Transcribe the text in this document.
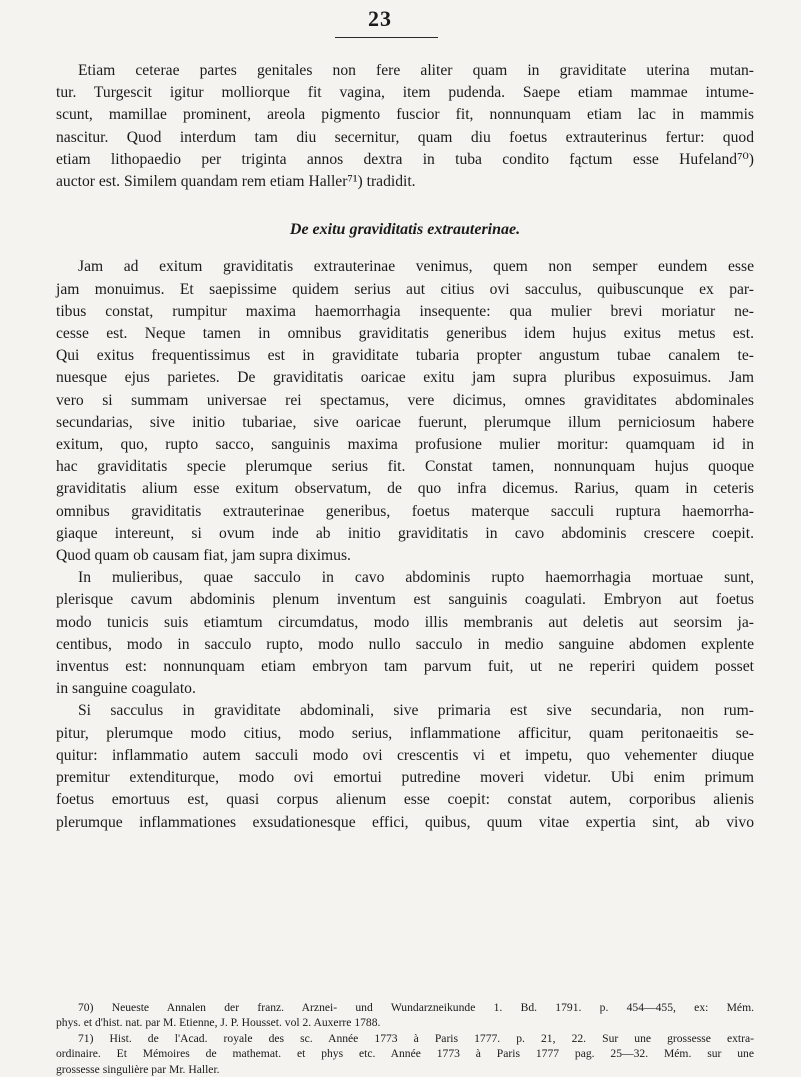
23

Etiam ceterae partes genitales non fere aliter quam in graviditate uterina mutan-
tur. Turgescit igitur molliorque fit vagina, item pudenda. Saepe etiam mammae intume-
scunt, mamillae prominent, areola pigmento fuscior fit, nonnunquam etiam lac in mammis
nascitur. Quod interdum tam diu secernitur, quam diu foetus extrauterinus fertur: quod
etiam lithopaedio per triginta annos dextra in tuba condito fąctum esse Hufeland⁷⁰)
auctor est. Similem quandam rem etiam Haller⁷¹) tradidit.

De exitu graviditatis extrauterinae.

Jam ad exitum graviditatis extrauterinae venimus, quem non semper eundem esse
jam monuimus. Et saepissime quidem serius aut citius ovi sacculus, quibuscunque ex par-
tibus constat, rumpitur maxima haemorrhagia insequente: qua mulier brevi moriatur ne-
cesse est. Neque tamen in omnibus graviditatis generibus idem hujus exitus metus est.
Qui exitus frequentissimus est in graviditate tubaria propter angustum tubae canalem te-
nuesque ejus parietes. De graviditatis oaricae exitu jam supra pluribus exposuimus. Jam
vero si summam universae rei spectamus, vere dicimus, omnes graviditates abdominales
secundarias, sive initio tubariae, sive oaricae fuerunt, plerumque illum perniciosum habere
exitum, quo, rupto sacco, sanguinis maxima profusione mulier moritur: quamquam id in
hac graviditatis specie plerumque serius fit. Constat tamen, nonnunquam hujus quoque
graviditatis alium esse exitum observatum, de quo infra dicemus. Rarius, quam in ceteris
omnibus graviditatis extrauterinae generibus, foetus materque sacculi ruptura haemorrha-
giaque intereunt, si ovum inde ab initio graviditatis in cavo abdominis crescere coepit.
Quod quam ob causam fiat, jam supra diximus.

In mulieribus, quae sacculo in cavo abdominis rupto haemorrhagia mortuae sunt,
plerisque cavum abdominis plenum inventum est sanguinis coagulati. Embryon aut foetus
modo tunicis suis etiamtum circumdatus, modo illis membranis aut deletis aut seorsim ja-
centibus, modo in sacculo rupto, modo nullo sacculo in medio sanguine abdomen explente
inventus est: nonnunquam etiam embryon tam parvum fuit, ut ne reperiri quidem posset
in sanguine coagulato.

Si sacculus in graviditate abdominali, sive primaria est sive secundaria, non rum-
pitur, plerumque modo citius, modo serius, inflammatione afficitur, quam peritonaeitis se-
quitur: inflammatio autem sacculi modo ovi crescentis vi et impetu, quo vehementer diuque
premitur extenditurque, modo ovi emortui putredine moveri videtur. Ubi enim primum
foetus emortuus est, quasi corpus alienum esse coepit: constat autem, corporibus alienis
plerumque inflammationes exsudationesque effici, quibus, quum vitae expertia sint, ab vivo

70) Neueste Annalen der franz. Arznei- und Wundarzneikunde 1. Bd. 1791. p. 454—455, ex: Mém.
phys. et d'hist. nat. par M. Etienne, J. P. Housset. vol 2. Auxerre 1788.
71) Hist. de l'Acad. royale des sc. Année 1773 à Paris 1777. p. 21, 22. Sur une grossesse extra-
ordinaire. Et Mémoires de mathemat. et phys etc. Année 1773 à Paris 1777 pag. 25—32. Mém. sur une
grossesse singulière par Mr. Haller.
